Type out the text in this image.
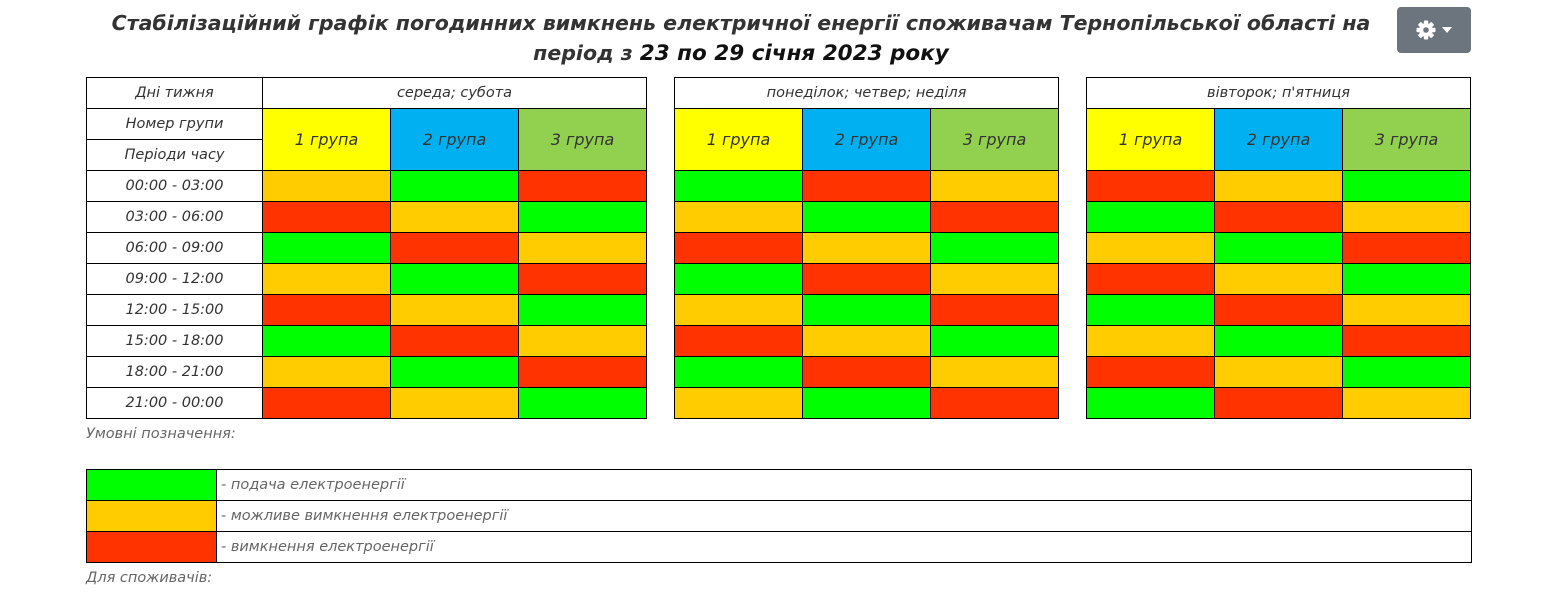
Стабілізаційний графік погодинних вимкнень електричної енергії споживачам Тернопільської області на період з 23 по 29 січня 2023 року
Дні тижня	середа; субота				понеділок; четвер; неділя				вівторок; п'ятниця		
Номер групи	1 група	2 група	3 група		1 група	2 група	3 група		1 група	2 група	3 група
Періоди часу											
00:00 - 03:00											
03:00 - 06:00											
06:00 - 09:00											
09:00 - 12:00											
12:00 - 15:00											
15:00 - 18:00											
18:00 - 21:00											
21:00 - 00:00											
Умовні позначення:
	- подача електроенергії
	- можливе вимкнення електроенергії
	- вимкнення електроенергії
Для споживачів:
